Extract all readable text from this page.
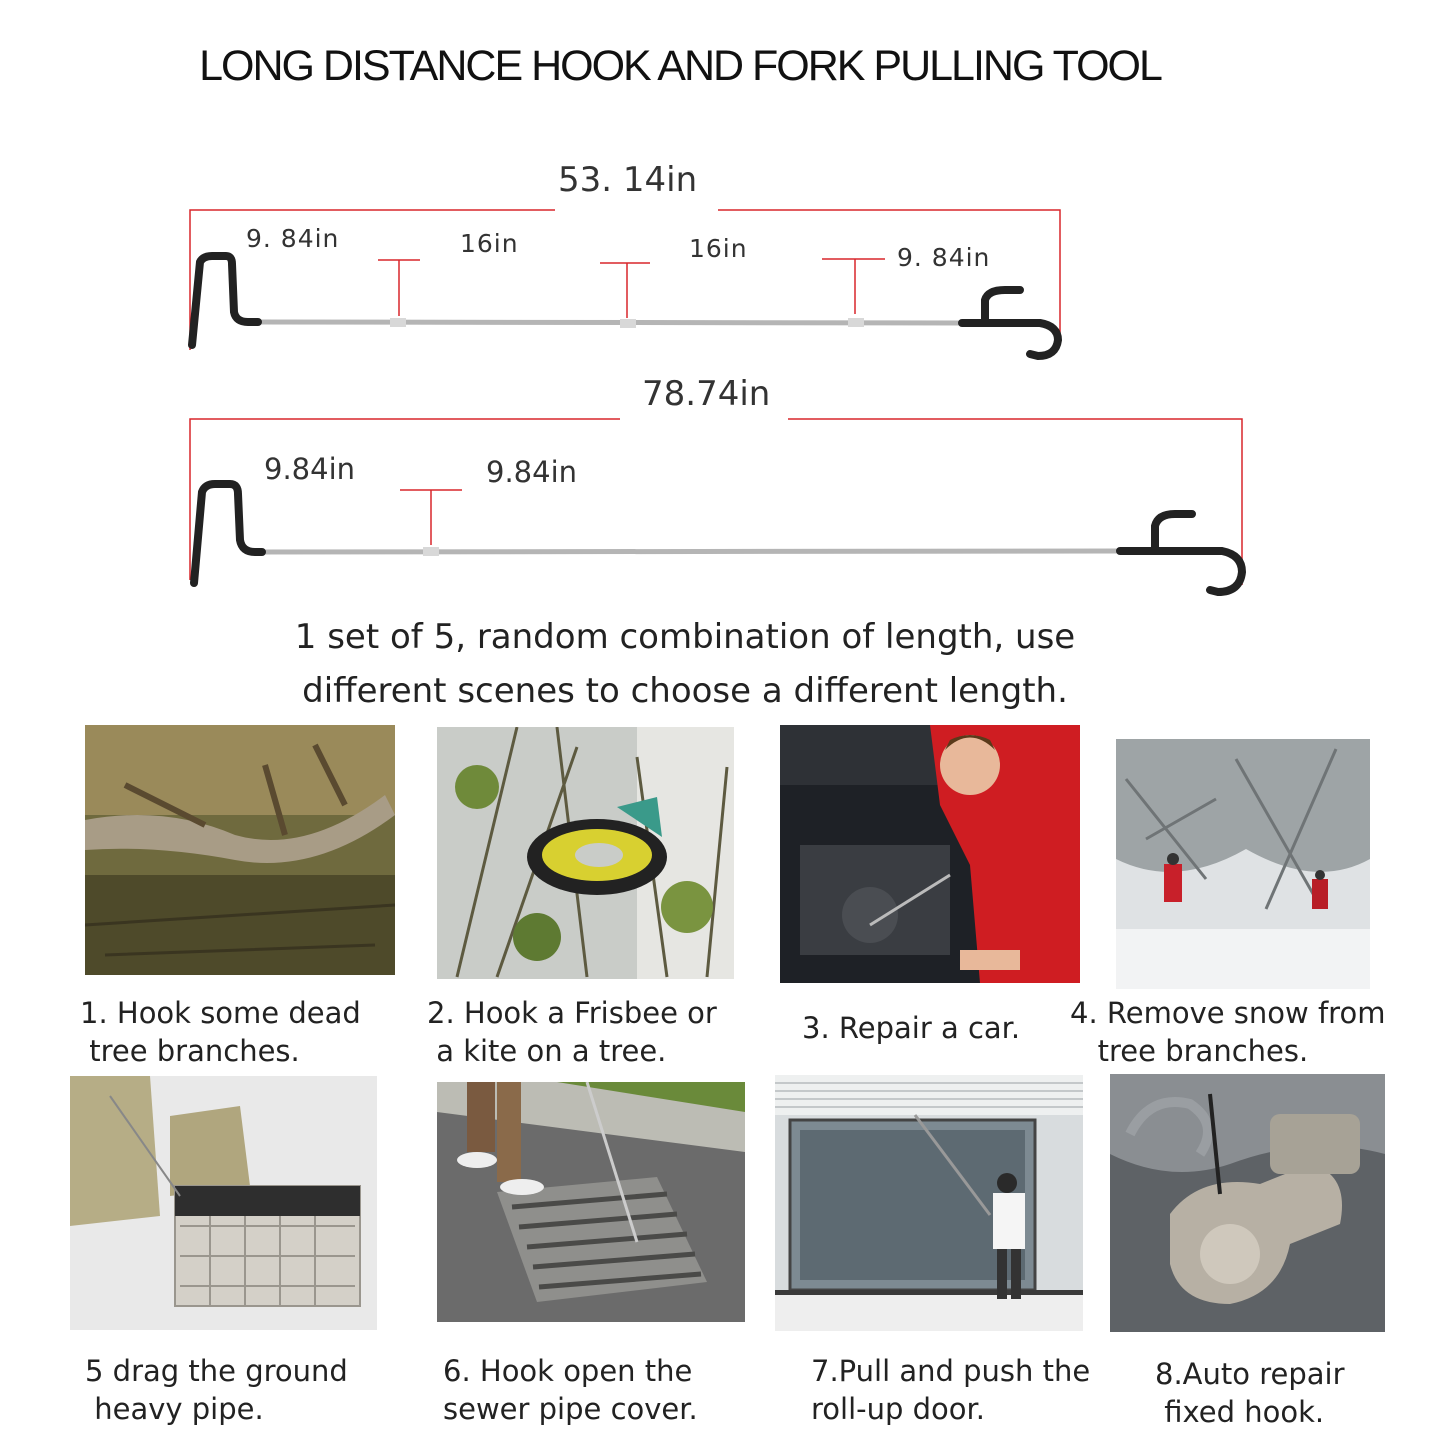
LONG DISTANCE HOOK AND FORK PULLING TOOL
53. 14in
9. 84in	16in	16in	9. 84in
78.74in
9.84in	9.84in
1 set of 5, random combination of length, use
different scenes to choose a different length.
1. Hook some dead
tree branches.
2. Hook a Frisbee or
a kite on a tree.
3. Repair a car. 4. Remove snow from
tree branches.
5 drag the ground
heavy pipe.
6. Hook open the
sewer pipe cover.
7.Pull and push the
roll-up door.
8.Auto repair
fixed hook.
